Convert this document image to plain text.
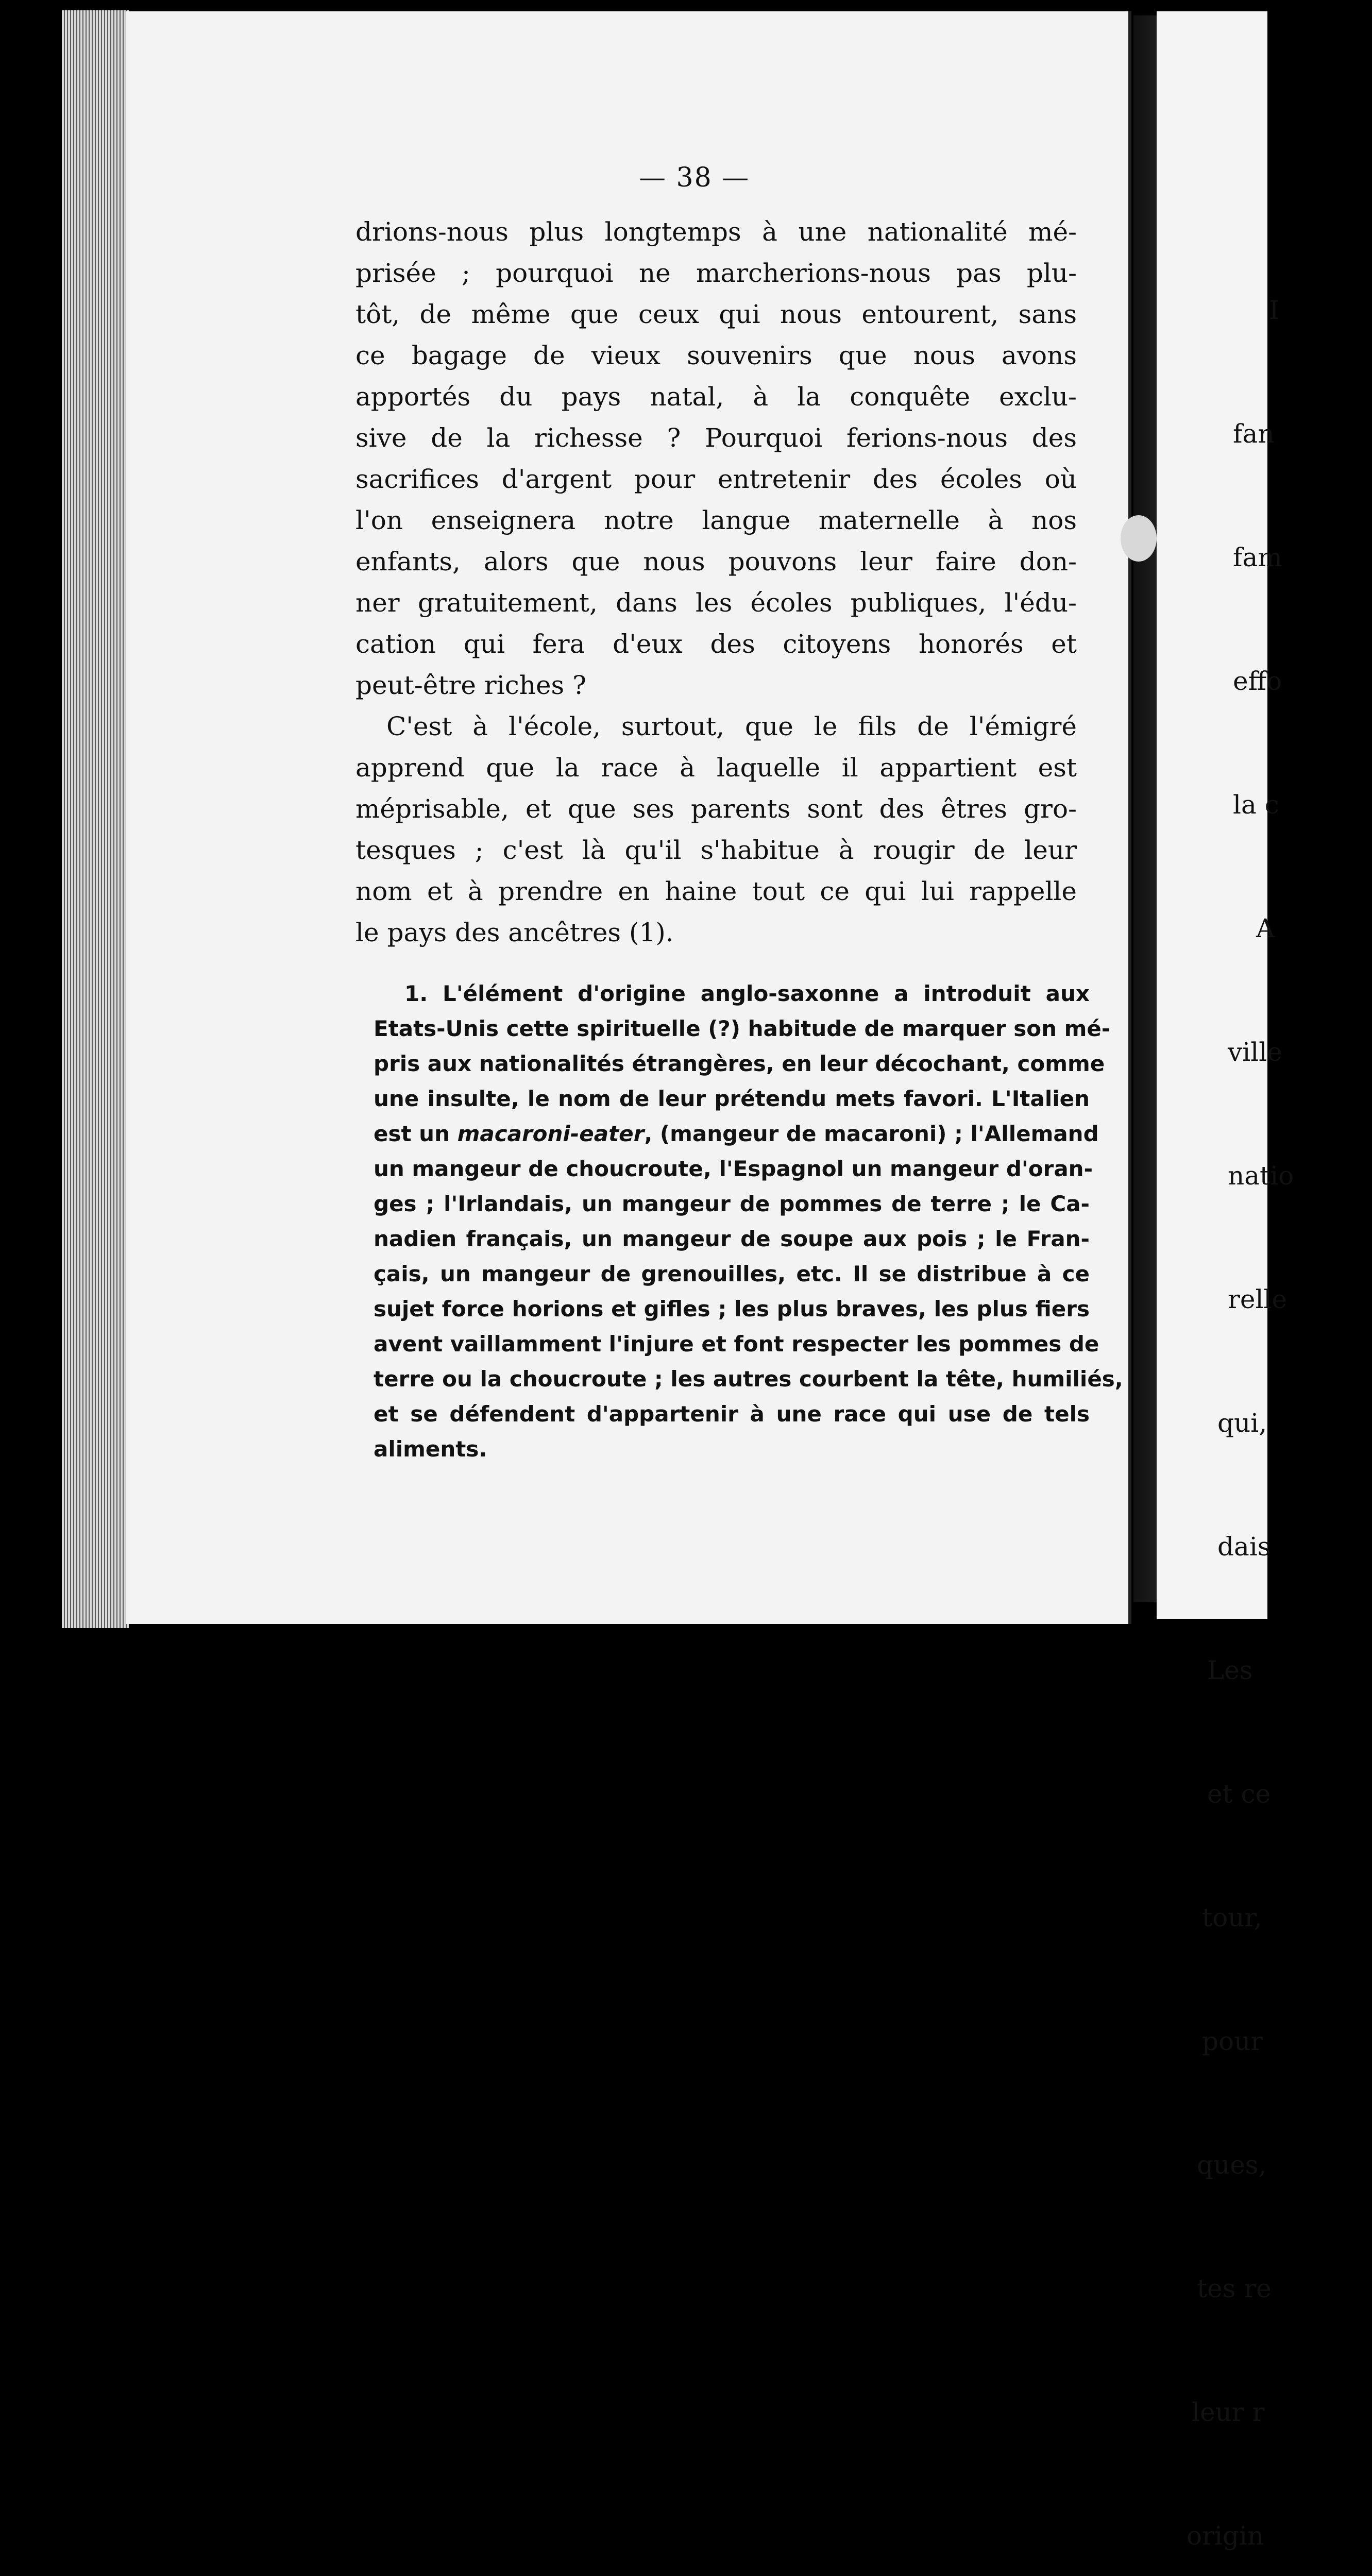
I

fan

fam

effo

la c

A

ville

natio

relle

qui,

dais

Les

et ce

tour,

pour

ques,

tes re

leur r

origin

— 38 —
drions-nous plus longtemps à une nationalité mé-
prisée ; pourquoi ne marcherions-nous pas plu-
tôt, de même que ceux qui nous entourent, sans
ce bagage de vieux souvenirs que nous avons
apportés du pays natal, à la conquête exclu-
sive de la richesse ? Pourquoi ferions-nous des
sacrifices d'argent pour entretenir des écoles où
l'on enseignera notre langue maternelle à nos
enfants, alors que nous pouvons leur faire don-
ner gratuitement, dans les écoles publiques, l'édu-
cation qui fera d'eux des citoyens honorés et
peut-être riches ?
C'est à l'école, surtout, que le fils de l'émigré
apprend que la race à laquelle il appartient est
méprisable, et que ses parents sont des êtres gro-
tesques ; c'est là qu'il s'habitue à rougir de leur
nom et à prendre en haine tout ce qui lui rappelle
le pays des ancêtres (1).
1. L'élément d'origine anglo-saxonne a introduit aux
Etats-Unis cette spirituelle (?) habitude de marquer son mé-
pris aux nationalités étrangères, en leur décochant, comme
une insulte, le nom de leur prétendu mets favori. L'Italien
est un macaroni-eater, (mangeur de macaroni) ; l'Allemand
un mangeur de choucroute, l'Espagnol un mangeur d'oran-
ges ; l'Irlandais, un mangeur de pommes de terre ; le Ca-
nadien français, un mangeur de soupe aux pois ; le Fran-
çais, un mangeur de grenouilles, etc. Il se distribue à ce
sujet force horions et gifles ; les plus braves, les plus fiers
avent vaillamment l'injure et font respecter les pommes de
terre ou la choucroute ; les autres courbent la tête, humiliés,
et se défendent d'appartenir à une race qui use de tels
aliments.
